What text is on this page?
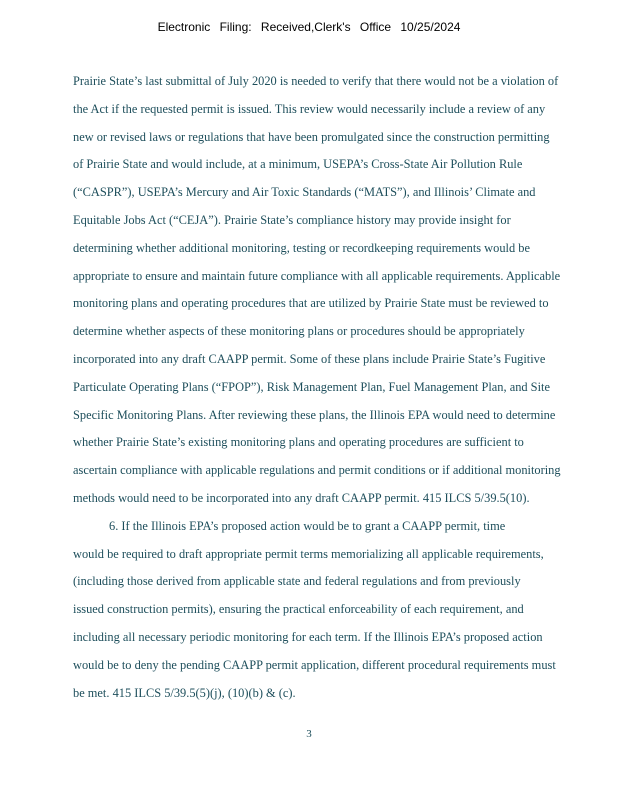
Electronic Filing: Received,Clerk's Office 10/25/2024
Prairie State’s last submittal of July 2020 is needed to verify that there would not be a violation of
the Act if the requested permit is issued. This review would necessarily include a review of any
new or revised laws or regulations that have been promulgated since the construction permitting
of Prairie State and would include, at a minimum, USEPA’s Cross-State Air Pollution Rule
(“CASPR”), USEPA’s Mercury and Air Toxic Standards (“MATS”), and Illinois’ Climate and
Equitable Jobs Act (“CEJA”). Prairie State’s compliance history may provide insight for
determining whether additional monitoring, testing or recordkeeping requirements would be
appropriate to ensure and maintain future compliance with all applicable requirements. Applicable
monitoring plans and operating procedures that are utilized by Prairie State must be reviewed to
determine whether aspects of these monitoring plans or procedures should be appropriately
incorporated into any draft CAAPP permit. Some of these plans include Prairie State’s Fugitive
Particulate Operating Plans (“FPOP”), Risk Management Plan, Fuel Management Plan, and Site
Specific Monitoring Plans. After reviewing these plans, the Illinois EPA would need to determine
whether Prairie State’s existing monitoring plans and operating procedures are sufficient to
ascertain compliance with applicable regulations and permit conditions or if additional monitoring
methods would need to be incorporated into any draft CAAPP permit. 415 ILCS 5/39.5(10).
6. If the Illinois EPA’s proposed action would be to grant a CAAPP permit, time
would be required to draft appropriate permit terms memorializing all applicable requirements,
(including those derived from applicable state and federal regulations and from previously
issued construction permits), ensuring the practical enforceability of each requirement, and
including all necessary periodic monitoring for each term. If the Illinois EPA’s proposed action
would be to deny the pending CAAPP permit application, different procedural requirements must
be met. 415 ILCS 5/39.5(5)(j), (10)(b) & (c).
3
